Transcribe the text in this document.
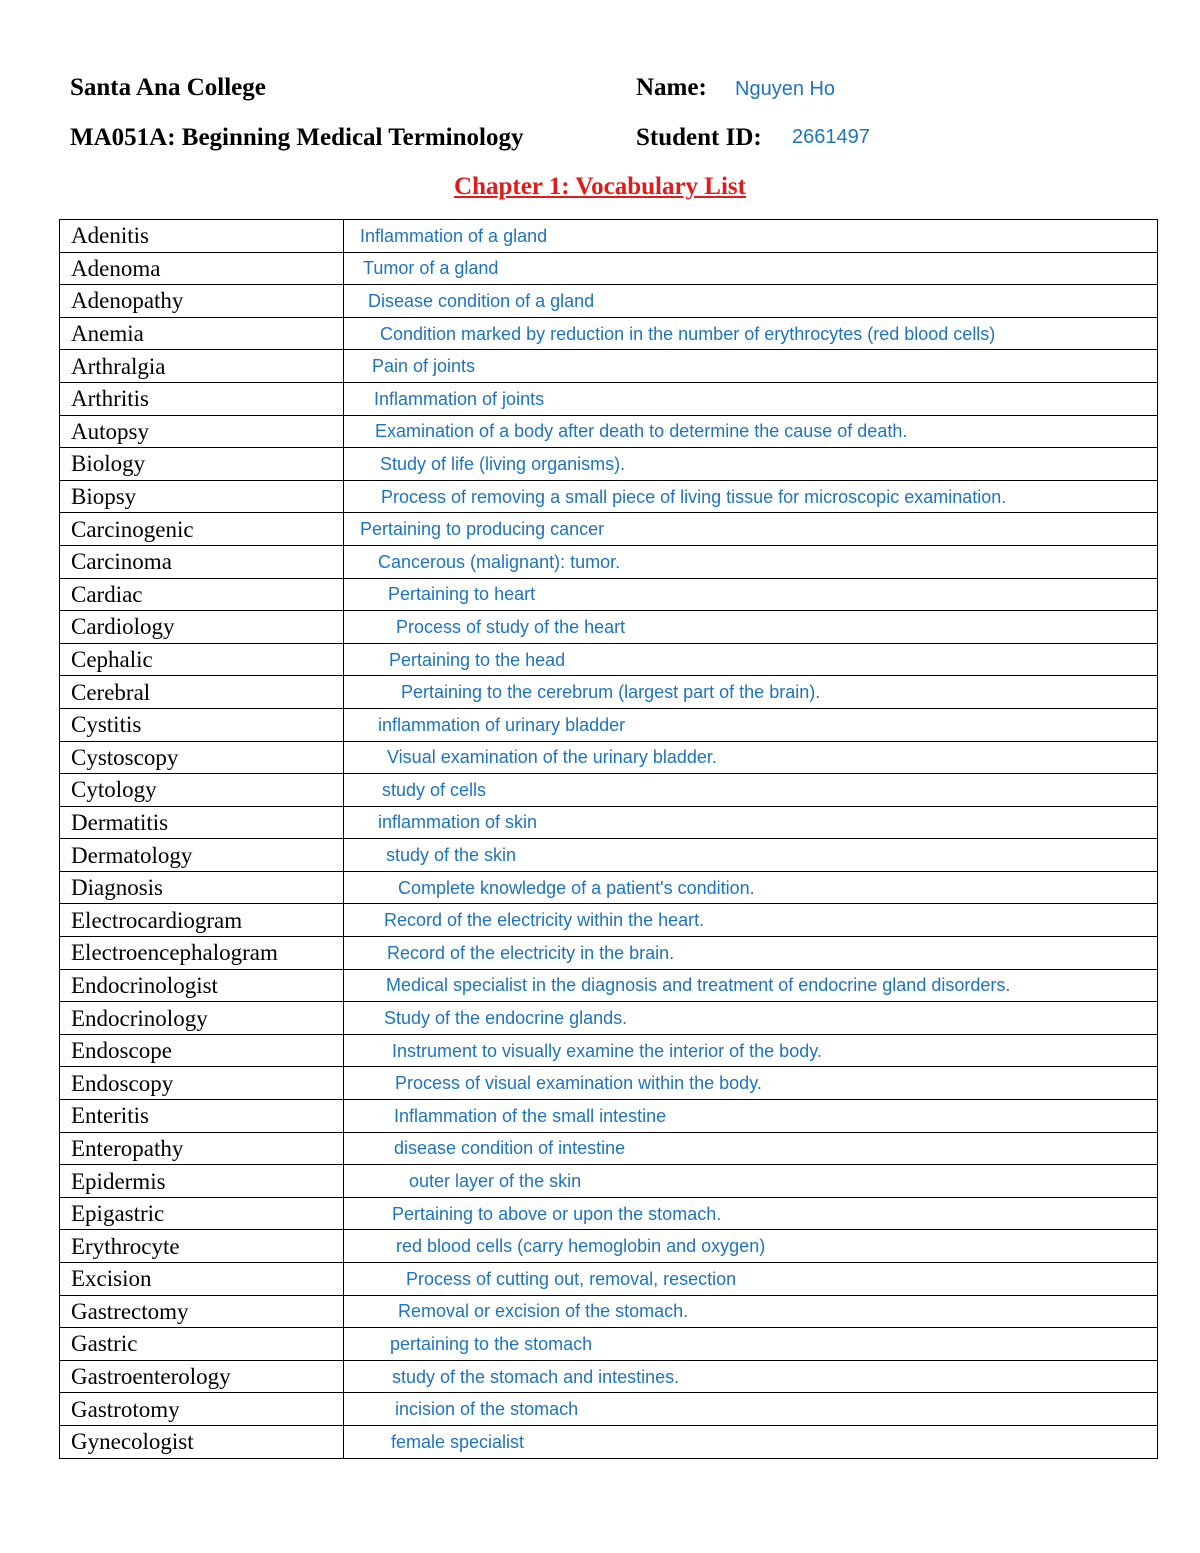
Santa Ana College
MA051A: Beginning Medical Terminology
Name: Nguyen Ho
Student ID: 2661497
Chapter 1: Vocabulary List
Adenitis	Inflammation of a gland
Adenoma	Tumor of a gland
Adenopathy	Disease condition of a gland
Anemia	Condition marked by reduction in the number of erythrocytes (red blood cells)
Arthralgia	Pain of joints
Arthritis	Inflammation of joints
Autopsy	Examination of a body after death to determine the cause of death.
Biology	Study of life (living organisms).
Biopsy	Process of removing a small piece of living tissue for microscopic examination.
Carcinogenic	Pertaining to producing cancer
Carcinoma	Cancerous (malignant): tumor.
Cardiac	Pertaining to heart
Cardiology	Process of study of the heart
Cephalic	Pertaining to the head
Cerebral	Pertaining to the cerebrum (largest part of the brain).
Cystitis	inflammation of urinary bladder
Cystoscopy	Visual examination of the urinary bladder.
Cytology	study of cells
Dermatitis	inflammation of skin
Dermatology	study of the skin
Diagnosis	Complete knowledge of a patient's condition.
Electrocardiogram	Record of the electricity within the heart.
Electroencephalogram	Record of the electricity in the brain.
Endocrinologist	Medical specialist in the diagnosis and treatment of endocrine gland disorders.
Endocrinology	Study of the endocrine glands.
Endoscope	Instrument to visually examine the interior of the body.
Endoscopy	Process of visual examination within the body.
Enteritis	Inflammation of the small intestine
Enteropathy	disease condition of intestine
Epidermis	outer layer of the skin
Epigastric	Pertaining to above or upon the stomach.
Erythrocyte	red blood cells (carry hemoglobin and oxygen)
Excision	Process of cutting out, removal, resection
Gastrectomy	Removal or excision of the stomach.
Gastric	pertaining to the stomach
Gastroenterology	study of the stomach and intestines.
Gastrotomy	incision of the stomach
Gynecologist	female specialist
